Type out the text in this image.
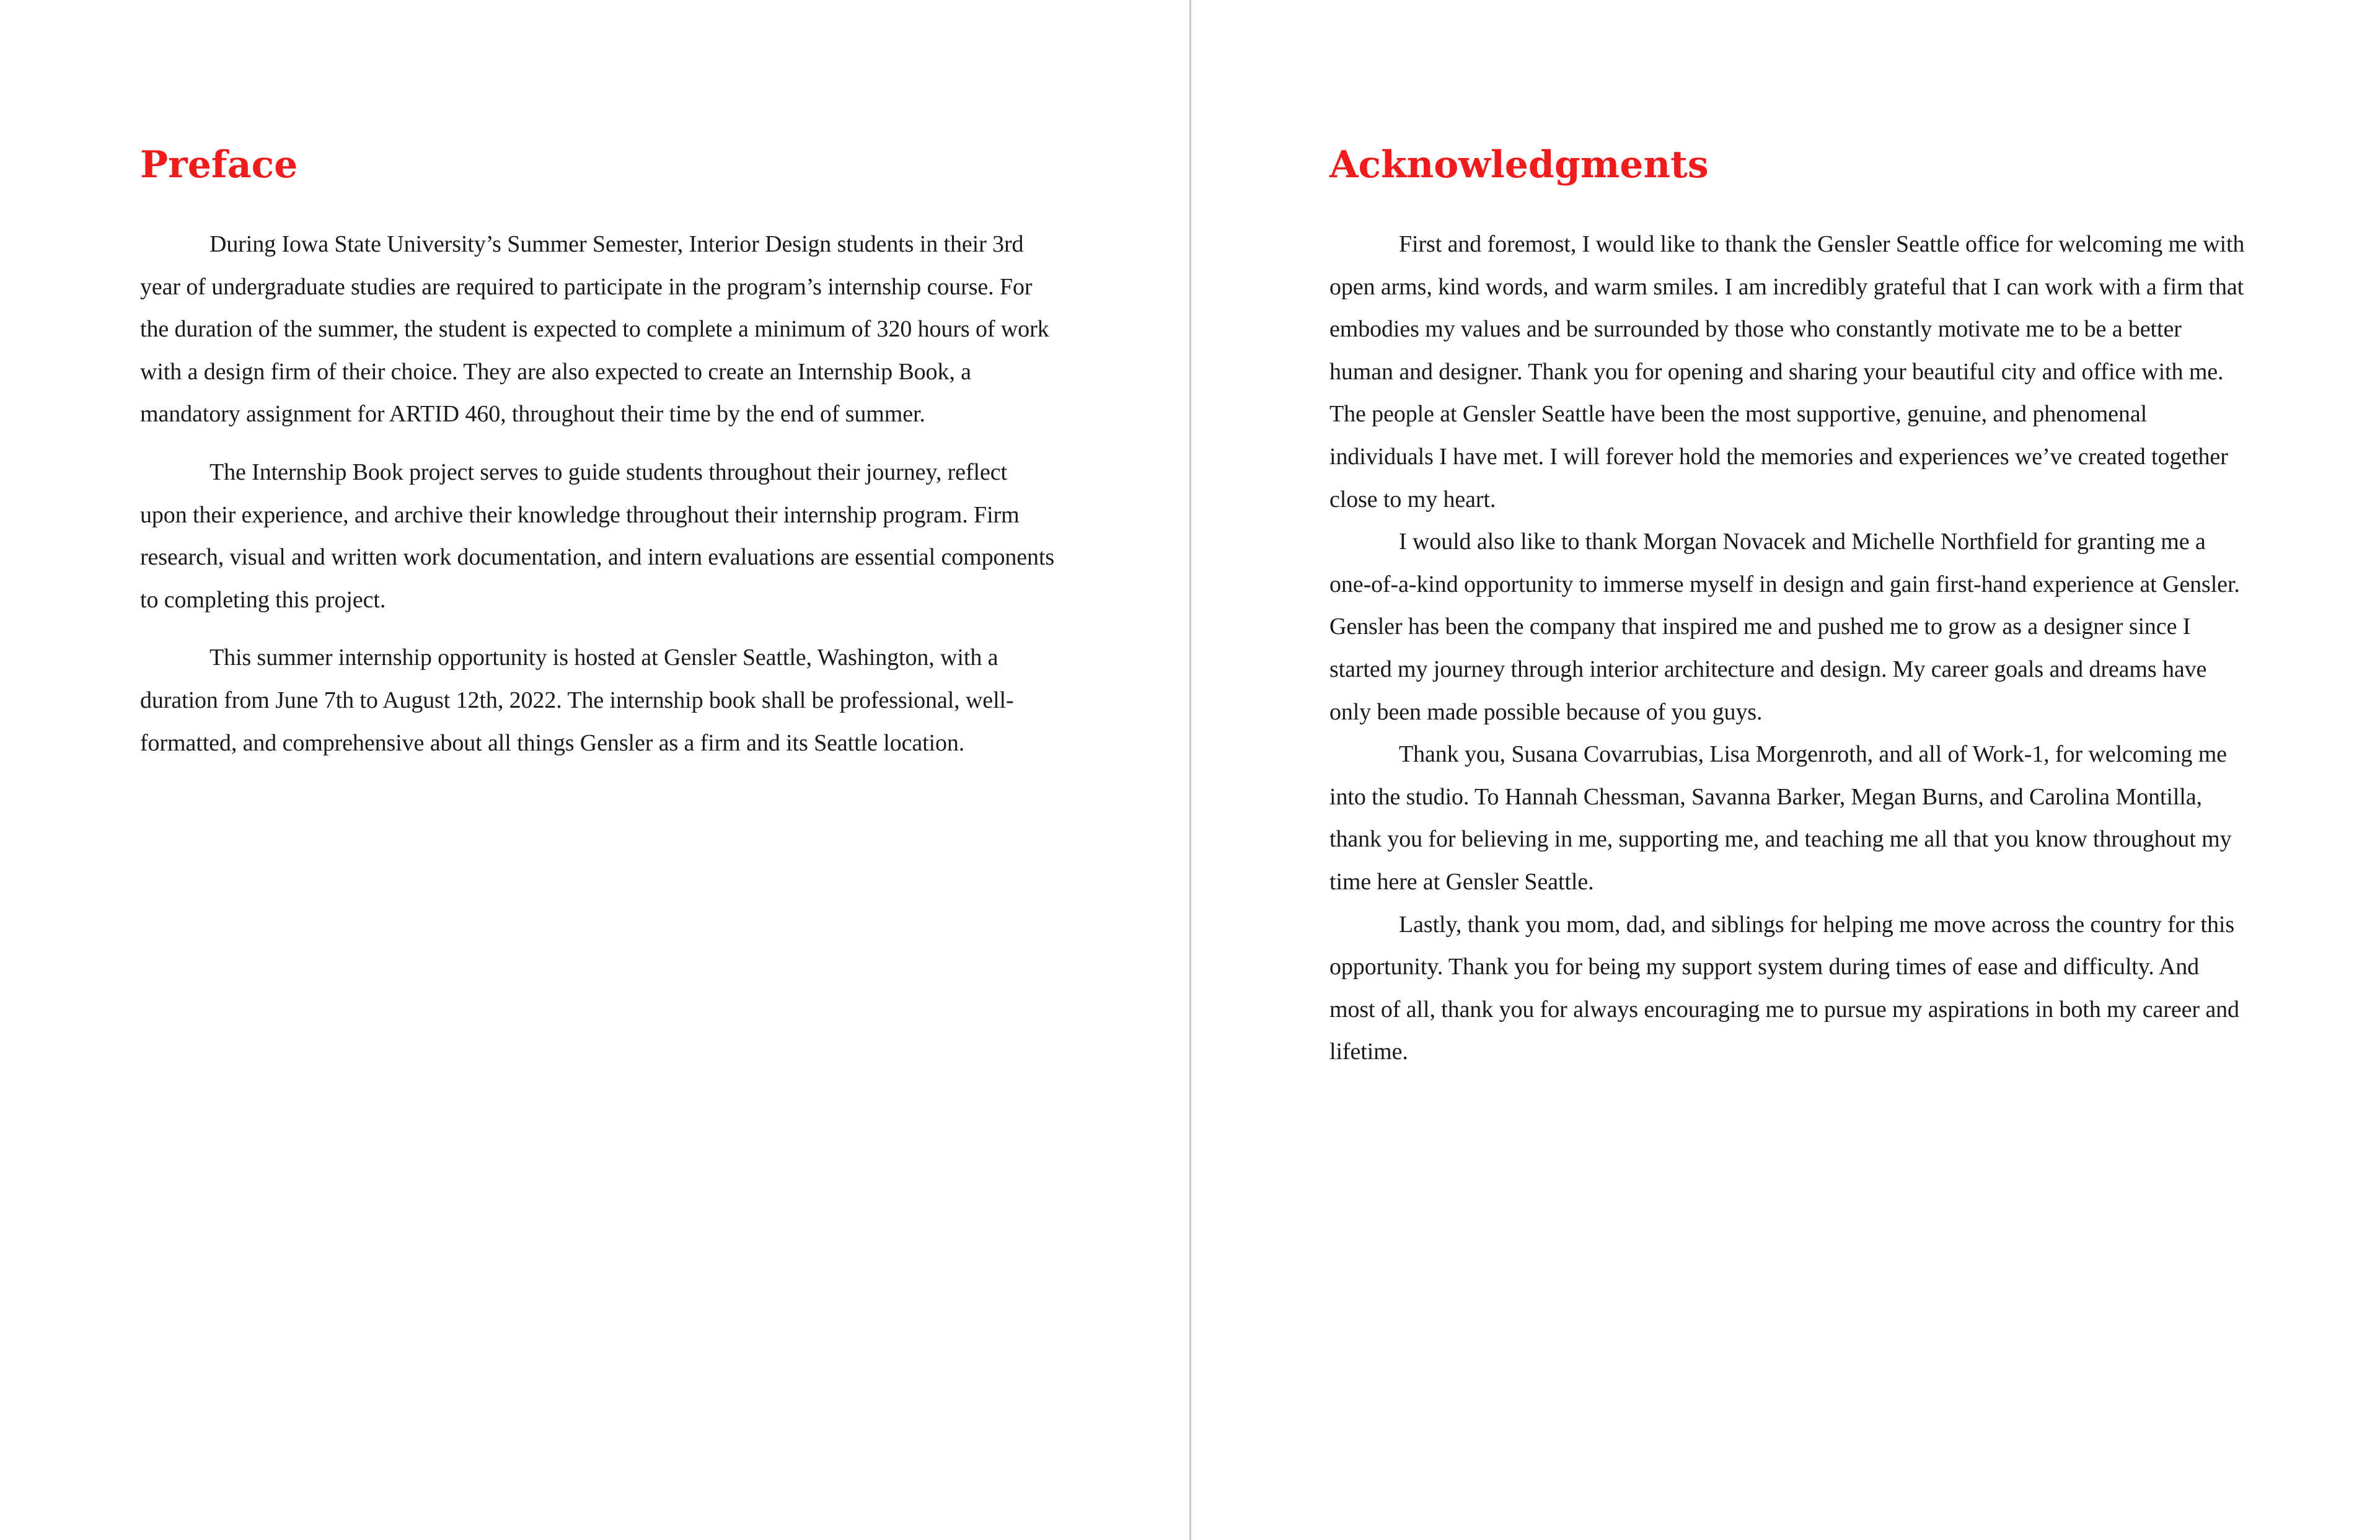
Preface

During Iowa State University’s Summer Semester, Interior Design students in their 3rd year of undergraduate studies are required to participate in the program’s internship course. For the duration of the summer, the student is expected to complete a minimum of 320 hours of work with a design firm of their choice. They are also expected to create an Internship Book, a mandatory assignment for ARTID 460, throughout their time by the end of summer.

The Internship Book project serves to guide students throughout their journey, reflect upon their experience, and archive their knowledge throughout their internship program. Firm research, visual and written work documentation, and intern evaluations are essential components to completing this project.

This summer internship opportunity is hosted at Gensler Seattle, Washington, with a duration from June 7th to August 12th, 2022. The internship book shall be professional, well-formatted, and comprehensive about all things Gensler as a firm and its Seattle location.

Acknowledgments

First and foremost, I would like to thank the Gensler Seattle office for welcoming me with open arms, kind words, and warm smiles. I am incredibly grateful that I can work with a firm that embodies my values and be surrounded by those who constantly motivate me to be a better human and designer. Thank you for opening and sharing your beautiful city and office with me. The people at Gensler Seattle have been the most supportive, genuine, and phenomenal individuals I have met. I will forever hold the memories and experiences we’ve created together close to my heart.

I would also like to thank Morgan Novacek and Michelle Northfield for granting me a one-of-a-kind opportunity to immerse myself in design and gain first-hand experience at Gensler. Gensler has been the company that inspired me and pushed me to grow as a designer since I started my journey through interior architecture and design. My career goals and dreams have only been made possible because of you guys.

Thank you, Susana Covarrubias, Lisa Morgenroth, and all of Work-1, for welcoming me into the studio. To Hannah Chessman, Savanna Barker, Megan Burns, and Carolina Montilla, thank you for believing in me, supporting me, and teaching me all that you know throughout my time here at Gensler Seattle.

Lastly, thank you mom, dad, and siblings for helping me move across the country for this opportunity. Thank you for being my support system during times of ease and difficulty. And most of all, thank you for always encouraging me to pursue my aspirations in both my career and lifetime.
